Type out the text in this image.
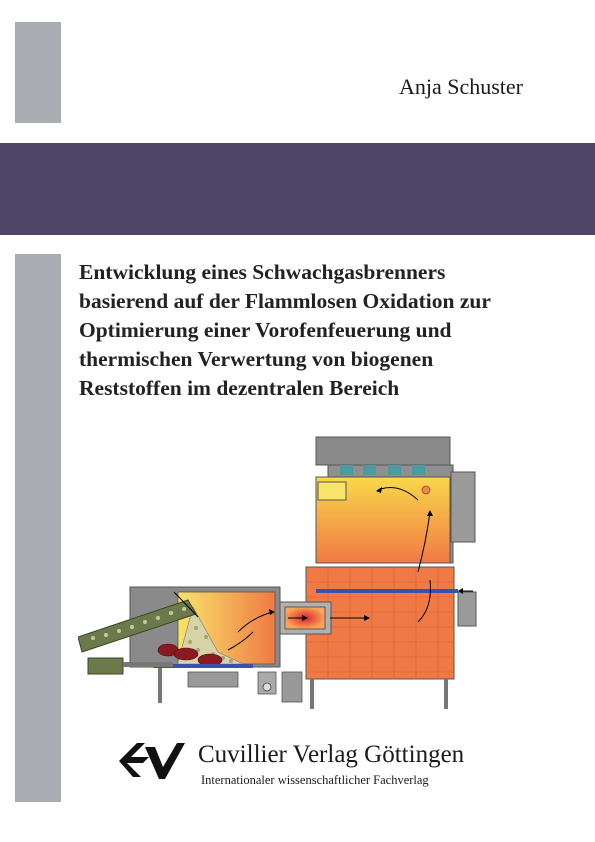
Anja Schuster
Entwicklung eines Schwachgasbrenners
basierend auf der Flammlosen Oxidation zur
Optimierung einer Vorofenfeuerung und
thermischen Verwertung von biogenen
Reststoffen im dezentralen Bereich
Cuvillier Verlag Göttingen
Internationaler wissenschaftlicher Fachverlag
